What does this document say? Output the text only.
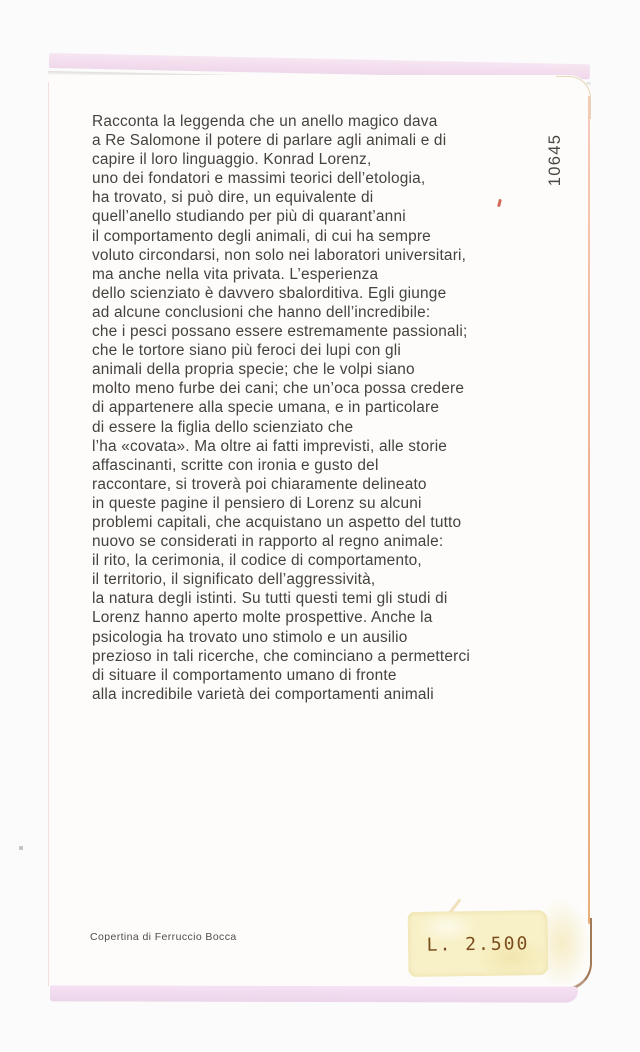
Racconta la leggenda che un anello magico dava
a Re Salomone il potere di parlare agli animali e di
capire il loro linguaggio. Konrad Lorenz,
uno dei fondatori e massimi teorici dell’etologia,
ha trovato, si può dire, un equivalente di
quell’anello studiando per più di quarant’anni
il comportamento degli animali, di cui ha sempre
voluto circondarsi, non solo nei laboratori universitari,
ma anche nella vita privata. L’esperienza
dello scienziato è davvero sbalorditiva. Egli giunge
ad alcune conclusioni che hanno dell’incredibile:
che i pesci possano essere estremamente passionali;
che le tortore siano più feroci dei lupi con gli
animali della propria specie; che le volpi siano
molto meno furbe dei cani; che un’oca possa credere
di appartenere alla specie umana, e in particolare
di essere la figlia dello scienziato che
l’ha «covata». Ma oltre ai fatti imprevisti, alle storie
affascinanti, scritte con ironia e gusto del
raccontare, si troverà poi chiaramente delineato
in queste pagine il pensiero di Lorenz su alcuni
problemi capitali, che acquistano un aspetto del tutto
nuovo se considerati in rapporto al regno animale:
il rito, la cerimonia, il codice di comportamento,
il territorio, il significato dell’aggressività,
la natura degli istinti. Su tutti questi temi gli studi di
Lorenz hanno aperto molte prospettive. Anche la
psicologia ha trovato uno stimolo e un ausilio
prezioso in tali ricerche, che cominciano a permetterci
di situare il comportamento umano di fronte
alla incredibile varietà dei comportamenti animali
10645
Copertina di Ferruccio Bocca	L. 2.500
